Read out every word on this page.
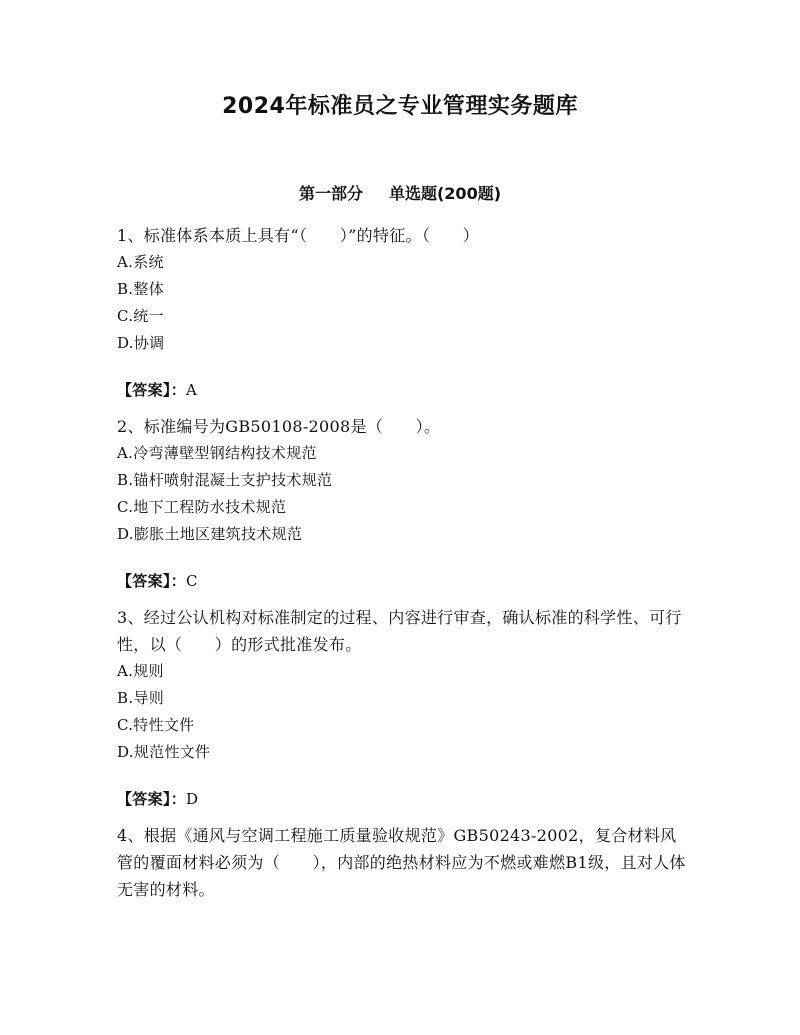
2024年标准员之专业管理实务题库
第一部分 单选题(200题)

1、标准体系本质上具有“（　　）”的特征。（　　）

A.系统

B.整体

C.统一

D.协调

【答案】：A

2、标准编号为GB50108-2008是（　　）。

A.冷弯薄壁型钢结构技术规范

B.锚杆喷射混凝土支护技术规范

C.地下工程防水技术规范

D.膨胀土地区建筑技术规范

【答案】：C

3、经过公认机构对标准制定的过程、内容进行审查，确认标准的科学性、可行性，以（　　）的形式批准发布。

A.规则

B.导则

C.特性文件

D.规范性文件

【答案】：D

4、根据《通风与空调工程施工质量验收规范》GB50243-2002，复合材料风管的覆面材料必须为（　　），内部的绝热材料应为不燃或难燃B1级，且对人体无害的材料。
